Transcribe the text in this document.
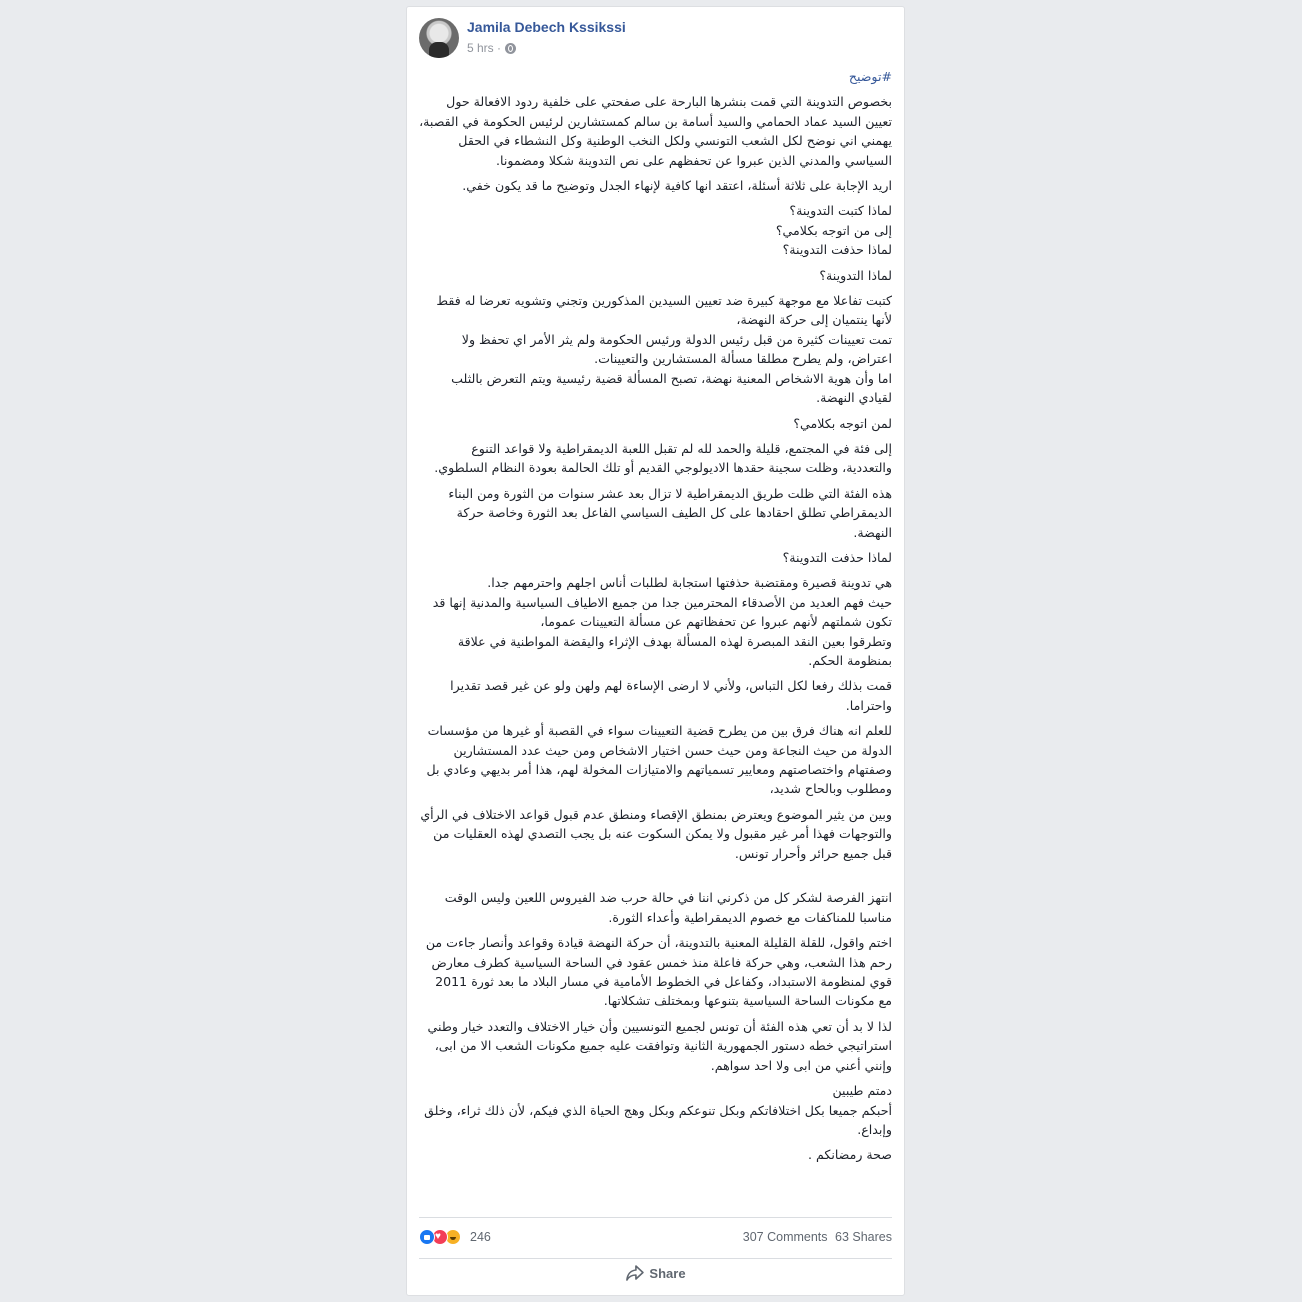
Jamila Debech Kssikssi
5 hrs ·
#توضيح
بخصوص التدوينة التي قمت بنشرها البارحة على صفحتي على خلفية ردود الافعالة حول تعيين السيد عماد الحمامي والسيد أسامة بن سالم كمستشارين لرئيس الحكومة في القصبة، يهمني اني نوضح لكل الشعب التونسي ولكل النخب الوطنية وكل النشطاء في الحقل السياسي والمدني الذين عبروا عن تحفظهم على نص التدوينة شكلا ومضمونا.
اريد الإجابة على ثلاثة أسئلة، اعتقد انها كافية لإنهاء الجدل وتوضيح ما قد يكون خفي.
لماذا كتبت التدوينة؟
إلى من اتوجه بكلامي؟
لماذا حذفت التدوينة؟
لماذا التدوينة؟
كتبت تفاعلا مع موجهة كبيرة ضد تعيين السيدين المذكورين وتجني وتشويه تعرضا له فقط لأنها ينتميان إلى حركة النهضة،
تمت تعيينات كثيرة من قبل رئيس الدولة ورئيس الحكومة ولم يثر الأمر اي تحفظ ولا اعتراض، ولم يطرح مطلقا مسألة المستشارين والتعيينات.
اما وأن هوية الاشخاص المعنية نهضة، تصبح المسألة قضية رئيسية ويتم التعرض بالثلب لقيادي النهضة.
لمن اتوجه بكلامي؟
إلى فئة في المجتمع، قليلة والحمد لله لم تقبل اللعبة الديمقراطية ولا قواعد التنوع والتعددية، وظلت سجينة حقدها الاديولوجي القديم أو تلك الحالمة بعودة النظام السلطوي.
هذه الفئة التي ظلت طريق الديمقراطية لا تزال بعد عشر سنوات من الثورة ومن البناء الديمقراطي تطلق احقادها على كل الطيف السياسي الفاعل بعد الثورة وخاصة حركة النهضة.
لماذا حذفت التدوينة؟
هي تدوينة قصيرة ومقتضبة حذفتها استجابة لطلبات أناس اجلهم واحترمهم جدا.
حيث فهم العديد من الأصدقاء المحترمين جدا من جميع الاطياف السياسية والمدنية إنها قد تكون شملتهم لأنهم عبروا عن تحفظاتهم عن مسألة التعيينات عموما،
وتطرقوا بعين النقد المبصرة لهذه المسألة بهدف الإثراء واليقضة المواطنية في علاقة بمنظومة الحكم.
قمت بذلك رفعا لكل التباس، ولأني لا ارضى الإساءة لهم ولهن ولو عن غير قصد تقديرا واحتراما.
للعلم انه هناك فرق بين من يطرح قضية التعيينات سواء في القصبة أو غيرها من مؤسسات الدولة من حيث النجاعة ومن حيث حسن اختيار الاشخاص ومن حيث عدد المستشارين وصفتهام واختصاصتهم ومعايير تسمياتهم والامتيازات المخولة لهم، هذا أمر بديهي وعادي بل ومطلوب وبالحاح شديد،
وبين من يثير الموضوع ويعترض بمنطق الإقصاء ومنطق عدم قبول قواعد الاختلاف في الرأي والتوجهات فهذا أمر غير مقبول ولا يمكن السكوت عنه بل يجب التصدي لهذه العقليات من قبل جميع حرائر وأحرار تونس.

انتهز الفرصة لشكر كل من ذكرني اننا في حالة حرب ضد الفيروس اللعين وليس الوقت مناسبا للمناكفات مع خصوم الديمقراطية وأعداء الثورة.
اختم واقول، للقلة القليلة المعنية بالتدوينة، أن حركة النهضة قيادة وقواعد وأنصار جاءت من رحم هذا الشعب، وهي حركة فاعلة منذ خمس عقود في الساحة السياسية كطرف معارض قوي لمنظومة الاستبداد، وكفاعل في الخطوط الأمامية في مسار البلاد ما بعد ثورة 2011 مع مكونات الساحة السياسية بتنوعها وبمختلف تشكلاتها.
لذا لا بد أن تعي هذه الفئة أن تونس لجميع التونسيين وأن خيار الاختلاف والتعدد خيار وطني استراتيجي خطه دستور الجمهورية الثانية وتوافقت عليه جميع مكونات الشعب الا من ابى، وإنني أعني من ابى ولا احد سواهم.
دمتم طيبين
أحبكم جميعا بكل اختلافاتكم وبكل تنوعكم وبكل وهج الحياة الذي فيكم، لأن ذلك ثراء، وخلق وإبداع.
صحة رمضانكم .
♥
246	307 Comments 63 Shares
Share
